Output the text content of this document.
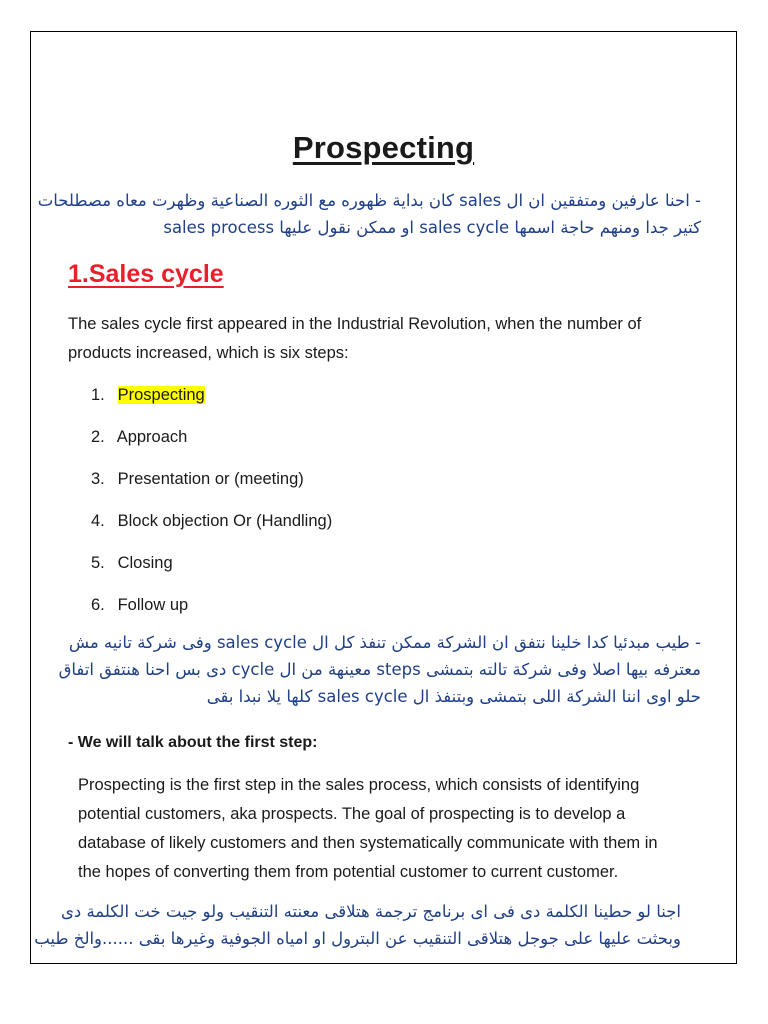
Prospecting

- احنا عارفين ومتفقين ان ال sales كان بداية ظهوره مع الثوره الصناعية وظهرت معاه مصطلحات

كتير جدا ومنهم حاجة اسمها sales cycle او ممكن نقول عليها sales process

1.Sales cycle
The sales cycle first appeared in the Industrial Revolution, when the number of
products increased, which is six steps:
1. Prospecting
2. Approach
3. Presentation or (meeting)
4. Block objection Or (Handling)
5. Closing
6. Follow up

- طيب مبدئيا كدا خلينا نتفق ان الشركة ممكن تنفذ كل ال sales cycle وفى شركة تانيه مش

معترفه بيها اصلا وفى شركة تالته بتمشى steps معينهة من ال cycle دى بس احنا هنتفق اتفاق

حلو اوى اننا الشركة اللى بتمشى وبتنفذ ال sales cycle كلها يلا نبدا بقى

- We will talk about the first step:

Prospecting is the first step in the sales process, which consists of identifying

potential customers, aka prospects. The goal of prospecting is to develop a

database of likely customers and then systematically communicate with them in

the hopes of converting them from potential customer to current customer.

اجنا لو حطينا الكلمة دى فى اى برنامج ترجمة هتلاقى معنته التنقيب ولو جيت خت الكلمة دى

وبحثت عليها على جوجل هتلاقى التنقيب عن البترول او امياه الجوفية وغيرها بقى ......والخ طيب
